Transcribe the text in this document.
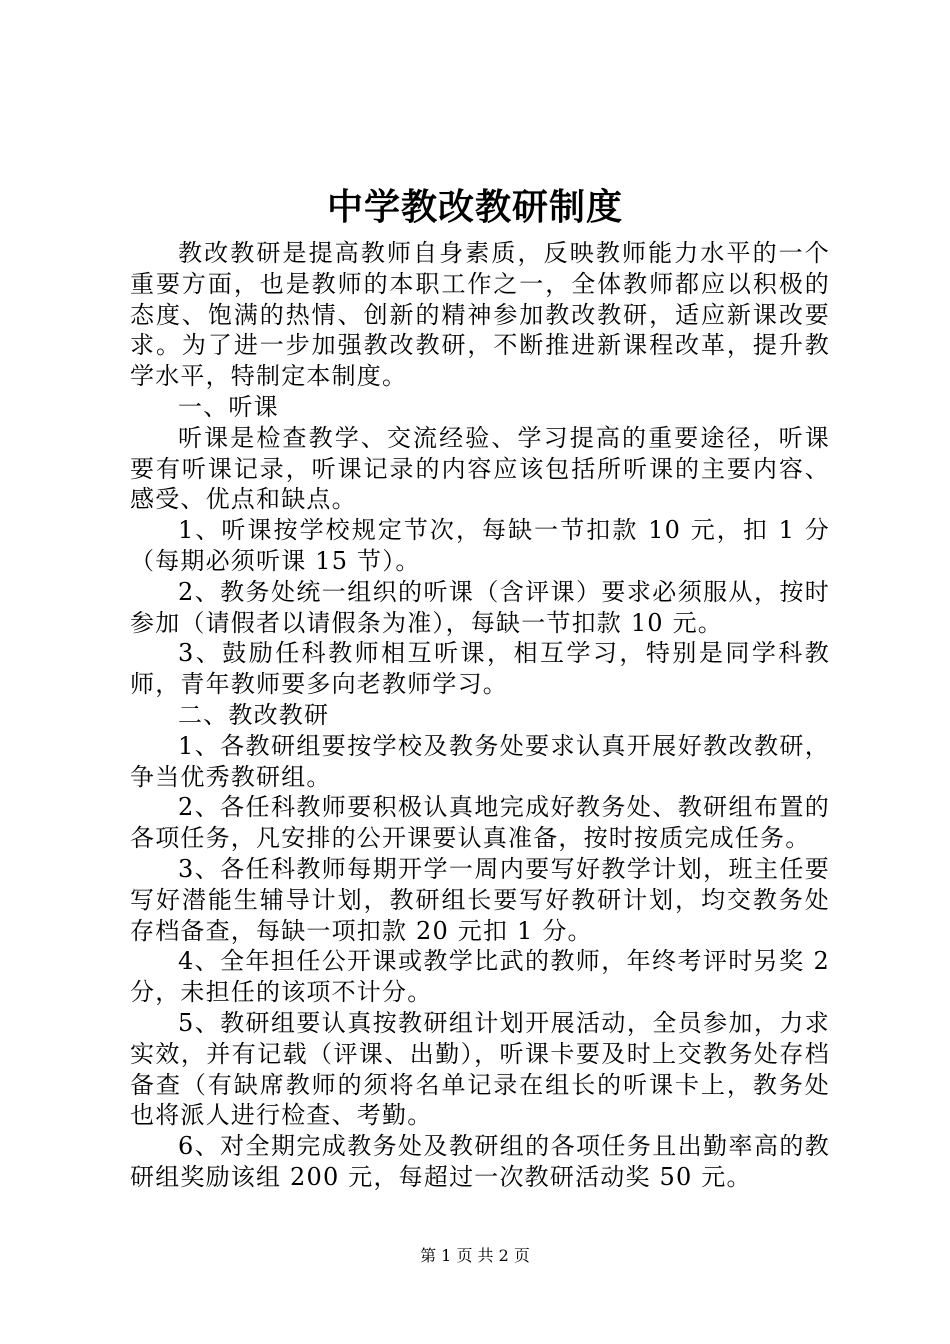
中学教改教研制度

教改教研是提高教师自身素质，反映教师能力水平的一个重要方面，也是教师的本职工作之一，全体教师都应以积极的态度、饱满的热情、创新的精神参加教改教研，适应新课改要求。为了进一步加强教改教研，不断推进新课程改革，提升教学水平，特制定本制度。

一、听课

听课是检查教学、交流经验、学习提高的重要途径，听课要有听课记录，听课记录的内容应该包括所听课的主要内容、感受、优点和缺点。

1、听课按学校规定节次，每缺一节扣款 10 元，扣 1 分（每期必须听课 15 节）。

2、教务处统一组织的听课（含评课）要求必须服从，按时参加（请假者以请假条为准），每缺一节扣款 10 元。

3、鼓励任科教师相互听课，相互学习，特别是同学科教师，青年教师要多向老教师学习。

二、教改教研

1、各教研组要按学校及教务处要求认真开展好教改教研，争当优秀教研组。

2、各任科教师要积极认真地完成好教务处、教研组布置的各项任务，凡安排的公开课要认真准备，按时按质完成任务。

3、各任科教师每期开学一周内要写好教学计划，班主任要写好潜能生辅导计划，教研组长要写好教研计划，均交教务处存档备查，每缺一项扣款 20 元扣 1 分。

4、全年担任公开课或教学比武的教师，年终考评时另奖 2 分，未担任的该项不计分。

5、教研组要认真按教研组计划开展活动，全员参加，力求实效，并有记载（评课、出勤），听课卡要及时上交教务处存档备查（有缺席教师的须将名单记录在组长的听课卡上，教务处也将派人进行检查、考勤。

6、对全期完成教务处及教研组的各项任务且出勤率高的教研组奖励该组 200 元，每超过一次教研活动奖 50 元。

第 1 页 共 2 页
